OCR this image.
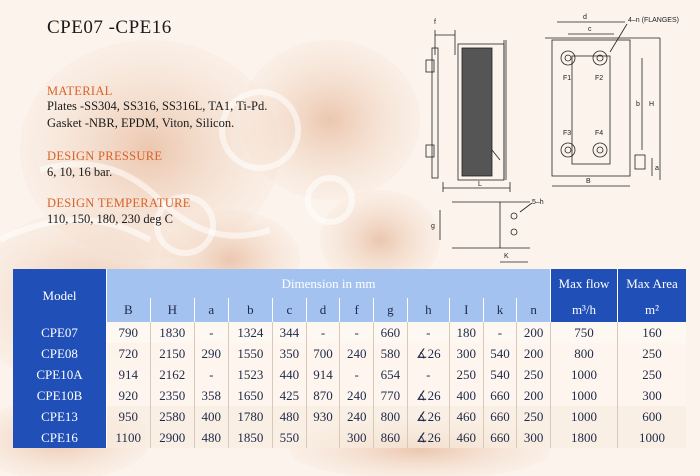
CPE07 -CPE16
MATERIAL
Plates -SS304, SS316, SS316L, TA1, Ti-Pd.
Gasket -NBR, EPDM, Viton, Silicon.
DESIGN PRESSURE
6, 10, 16 bar.
DESIGN TEMPERATURE
110, 150, 180, 230 deg C
f
L
d
c
4–n (FLANGES)
F1	F2
F3	F4
b H
a
B
g
5–h
K
Model	Dimension in mm												Max flow	Max Area
	B	H	a	b	c	d	f	g	h	I	k	n	m³/h	m²
CPE07	790	1830	-	1324	344	-	-	660	-	180	-	200	750	160
CPE08	720	2150	290	1550	350	700	240	580	∡26	300	540	200	800	250
CPE10A	914	2162	-	1523	440	914	-	654	-	250	540	250	1000	250
CPE10B	920	2350	358	1650	425	870	240	770	∡26	400	660	200	1000	300
CPE13	950	2580	400	1780	480	930	240	800	∡26	460	660	250	1000	600
CPE16	1100	2900	480	1850	550		300	860	∡26	460	660	300	1800	1000
